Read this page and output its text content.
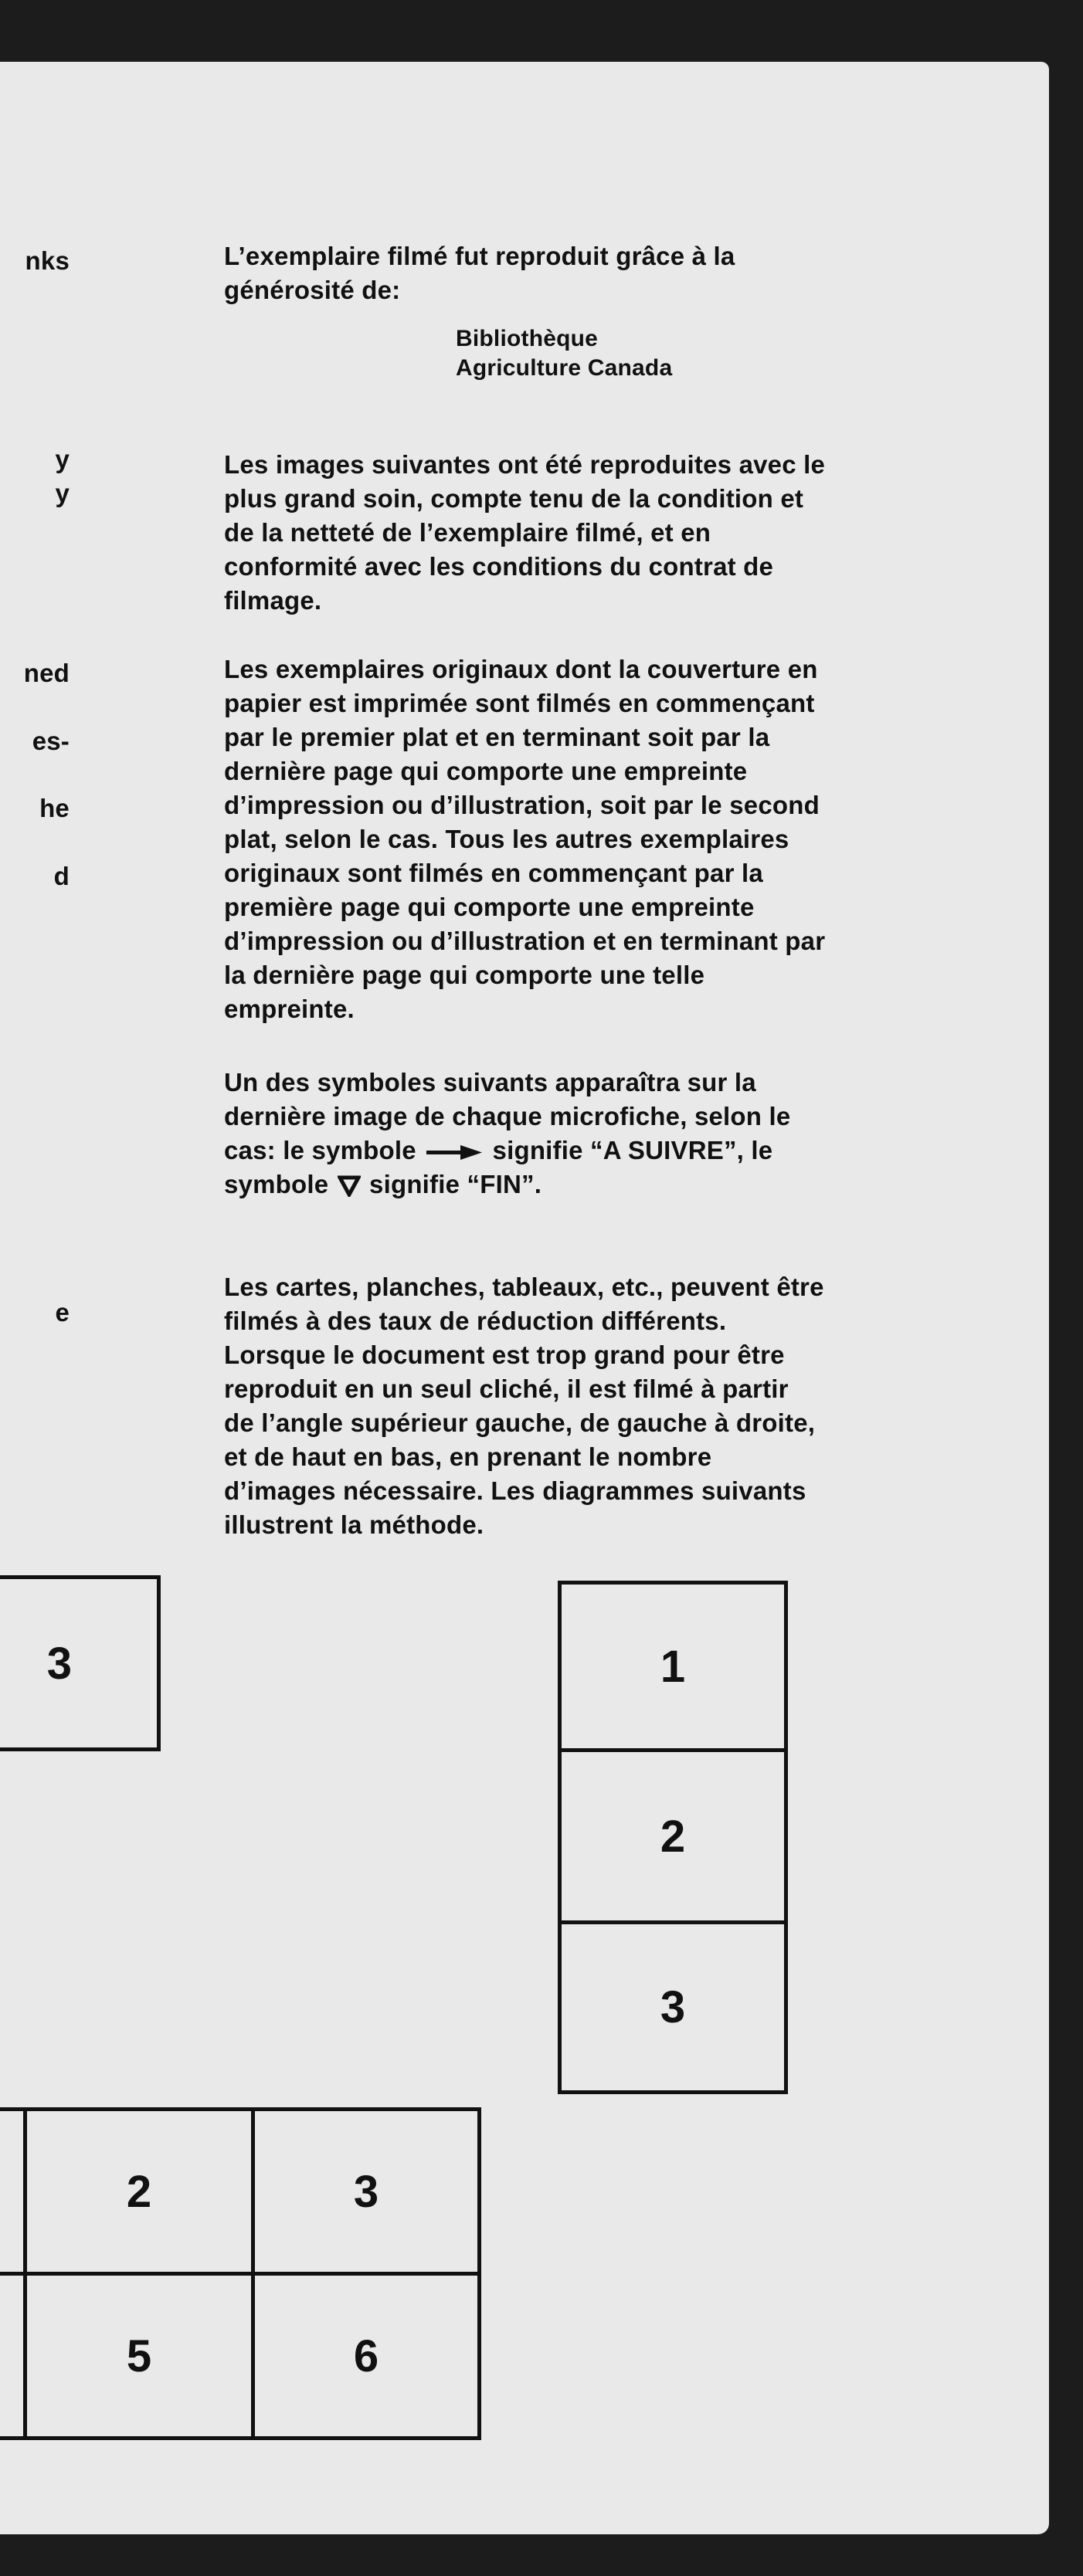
nks
y
y
ned
es-
he
d
e
L’exemplaire filmé fut reproduit grâce à la
générosité de:
Bibliothèque
Agriculture Canada
Les images suivantes ont été reproduites avec le
plus grand soin, compte tenu de la condition et
de la netteté de l’exemplaire filmé, et en
conformité avec les conditions du contrat de
filmage.
Les exemplaires originaux dont la couverture en
papier est imprimée sont filmés en commençant
par le premier plat et en terminant soit par la
dernière page qui comporte une empreinte
d’impression ou d’illustration, soit par le second
plat, selon le cas. Tous les autres exemplaires
originaux sont filmés en commençant par la
première page qui comporte une empreinte
d’impression ou d’illustration et en terminant par
la dernière page qui comporte une telle
empreinte.
Un des symboles suivants apparaîtra sur la
dernière image de chaque microfiche, selon le
cas: le symbole	signifie “A SUIVRE”, le
symbole signifie “FIN”.
Les cartes, planches, tableaux, etc., peuvent être
filmés à des taux de réduction différents.
Lorsque le document est trop grand pour être
reproduit en un seul cliché, il est filmé à partir
de l’angle supérieur gauche, de gauche à droite,
et de haut en bas, en prenant le nombre
d’images nécessaire. Les diagrammes suivants
illustrent la méthode.
3	1
2
3
2	3
5	6
